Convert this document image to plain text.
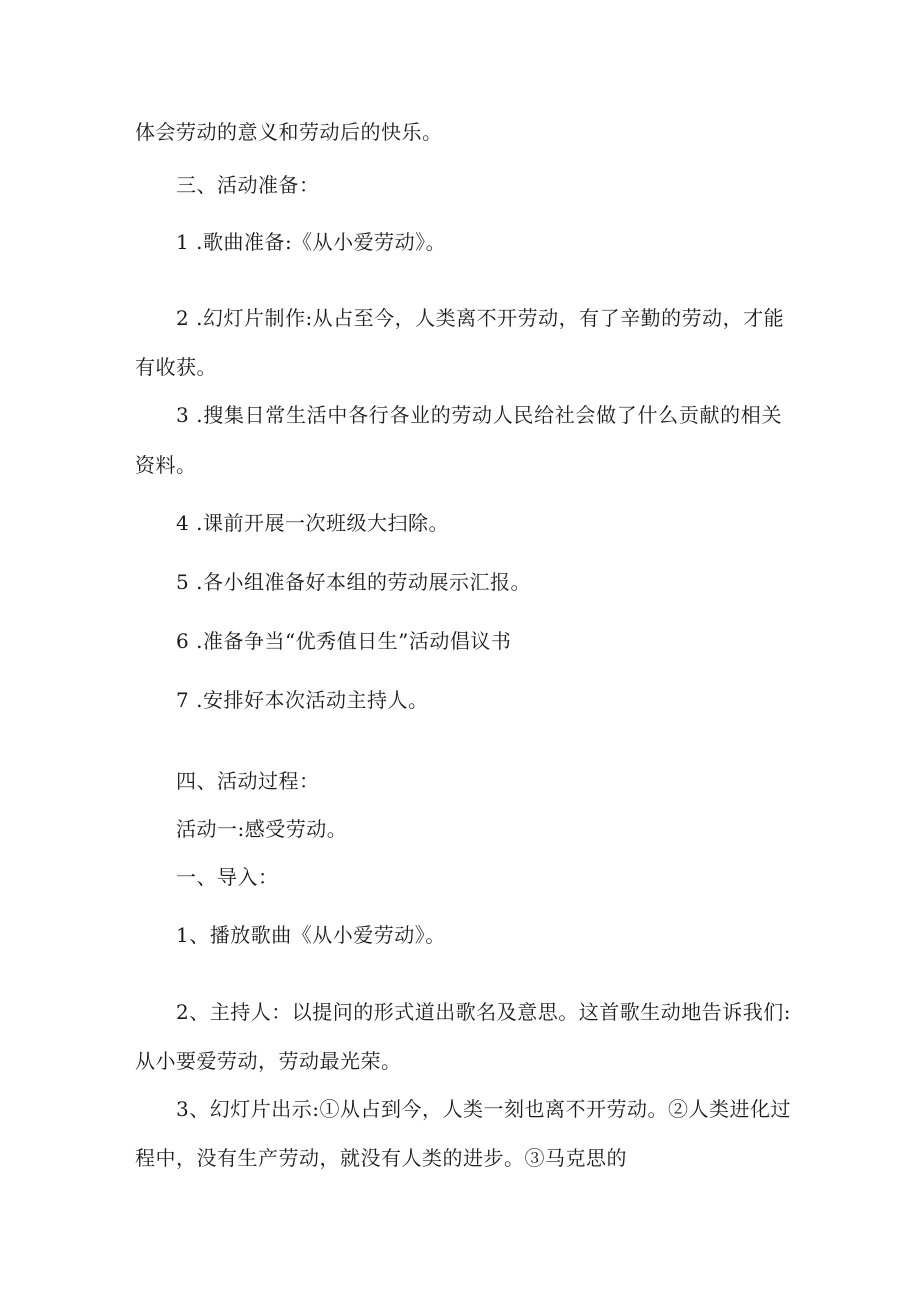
体会劳动的意义和劳动后的快乐。
三、活动准备：
1 .歌曲准备:《从小爱劳动》。
2 .幻灯片制作:从占至今，人类离不开劳动，有了辛勤的劳动，才能
有收获。
3 .搜集日常生活中各行各业的劳动人民给社会做了什么贡献的相关
资料。
4 .课前开展一次班级大扫除。
5 .各小组准备好本组的劳动展示汇报。
6 .准备争当“优秀值日生”活动倡议书
7 .安排好本次活动主持人。
四、活动过程：
活动一:感受劳动。
一、导入：
1、播放歌曲《从小爱劳动》。
2、主持人：以提问的形式道出歌名及意思。这首歌生动地告诉我们:
从小要爱劳动，劳动最光荣。
3、幻灯片出示:①从占到今，人类一刻也离不开劳动。②人类进化过
程中，没有生产劳动，就没有人类的进步。③马克思的
